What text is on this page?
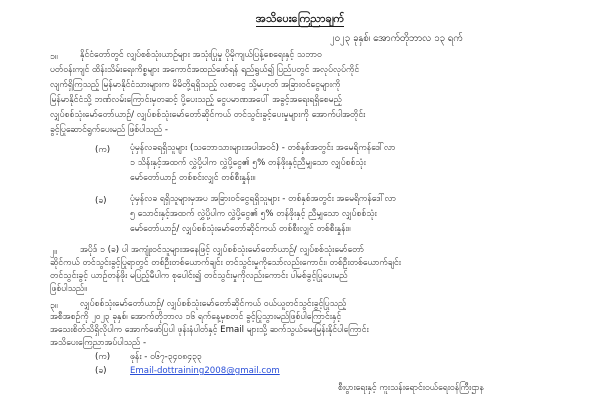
အသိပေးကြေညာချက်
၂၀၂၃ ခုနှစ်၊ အောက်တိုဘာလ ၁၃ ရက်
၁။	နိုင်ငံတော်တွင် လျှပ်စစ်သုံးယာဉ်များ အသုံးပြုမှု ပိုမိုကျယ်ပြန့်စေရေးနှင့် သဘာဝ
ပတ်ဝန်းကျင် ထိန်းသိမ်းရေးကိစ္စများ အကောင်အထည်ဖော်ရန် ရည်ရွယ်၍ ပြည်ပတွင် အလုပ်လုပ်ကိုင်
လျက်ရှိကြသည့် မြန်မာနိုင်ငံသားများက မိမိတို့ရရှိသည့် လစာငွေ သို့မဟုတ် အခြားဝင်ငွေများကို
မြန်မာနိုင်ငံသို့ ဘဏ်လမ်းကြောင်းမှတဆင့် ပို့ပေးသည့် ငွေပမာဏအပေါ် အခွင့်အရေးရရှိစေမည့်
လျှပ်စစ်သုံးမော်တော်ယာဉ်/ လျှပ်စစ်သုံးမော်တော်ဆိုင်ကယ် တင်သွင်းခွင့်ပေးမှုများကို အောက်ပါအတိုင်း
ခွင့်ပြုဆောင်ရွက်ပေးမည် ဖြစ်ပါသည် -
(က) ပုံမှန်လခရရှိသူများ (သဘောသားများအပါအဝင်) - တစ်နှစ်အတွင်း အမေရိကန်ဒေါ်လာ
၁ သိန်းနှင့်အထက် လွှဲပို့ပါက လွှဲပို့ငွေ၏ ၅% တန်ဖိုးနှင့်ညီမျှသော လျှပ်စစ်သုံး
မော်တော်ယာဉ် တစ်စင်းလျှင် တစ်စီးနှုန်း။
(ခ)	ပုံမှန်လခ ရရှိသူများမှအပ အခြားဝင်ငွေရရှိသူများ - တစ်နှစ်အတွင်း အမေရိကန်ဒေါ်လာ
၅ သောင်းနှင့်အထက် လွှဲပို့ပါက လွှဲပို့ငွေ၏ ၅% တန်ဖိုးနှင့် ညီမျှသော လျှပ်စစ်သုံး
မော်တော်ယာဉ်/ လျှပ်စစ်သုံးမော်တော်ဆိုင်ကယ် တစ်စီးလျှင် တစ်စီးနှုန်း။
၂။	အပိုဒ် ၁ (ခ) ပါ အကျုံးဝင်သူများအနေဖြင့် လျှပ်စစ်သုံးမော်တော်ယာဉ်/ လျှပ်စစ်သုံးမော်တော်
ဆိုင်ကယ် တင်သွင်းခွင့်ပြုရာတွင် တစ်ဦးတစ်ယောက်ချင်း တင်သွင်းမှုကိုသော်လည်းကောင်း၊ တစ်ဦးတစ်ယောက်ချင်း
တင်သွင်းခွင့် ယာဉ်တန်ဖိုး မပြည့်မီပါက စုပေါင်း၍ တင်သွင်းမှုကိုလည်းကောင်း ပါမစ်ခွင့်ပြုပေးမည်
ဖြစ်ပါသည်။
၃။	လျှပ်စစ်သုံးမော်တော်ယာဉ်/ လျှပ်စစ်သုံးမော်တော်ဆိုင်ကယ် ဝယ်ယူတင်သွင်းခွင့်ပြုသည့်
အစီအစဉ်ကို ၂၀၂၃ ခုနှစ်၊ အောက်တိုဘာလ ၁၆ ရက်နေ့မှစတင် ခွင့်ပြုသွားမည်ဖြစ်ပါကြောင်းနှင့်
အသေးစိတ်သိရှိလိုပါက အောက်ဖော်ပြပါ ဖုန်းနံပါတ်နှင့် Email များသို့ ဆက်သွယ်မေးမြန်းနိုင်ပါကြောင်း
အသိပေးကြေညာအပ်ပါသည် -
စီးပွားရေးနှင့် ကူးသန်းရောင်းဝယ်ရေးဝန်ကြီးဌာန
(က) ဖုန်း - ၀၆၇-၃၄၀၈၄၃၃
(ခ)	Email-dottraining2008@gmail.com
